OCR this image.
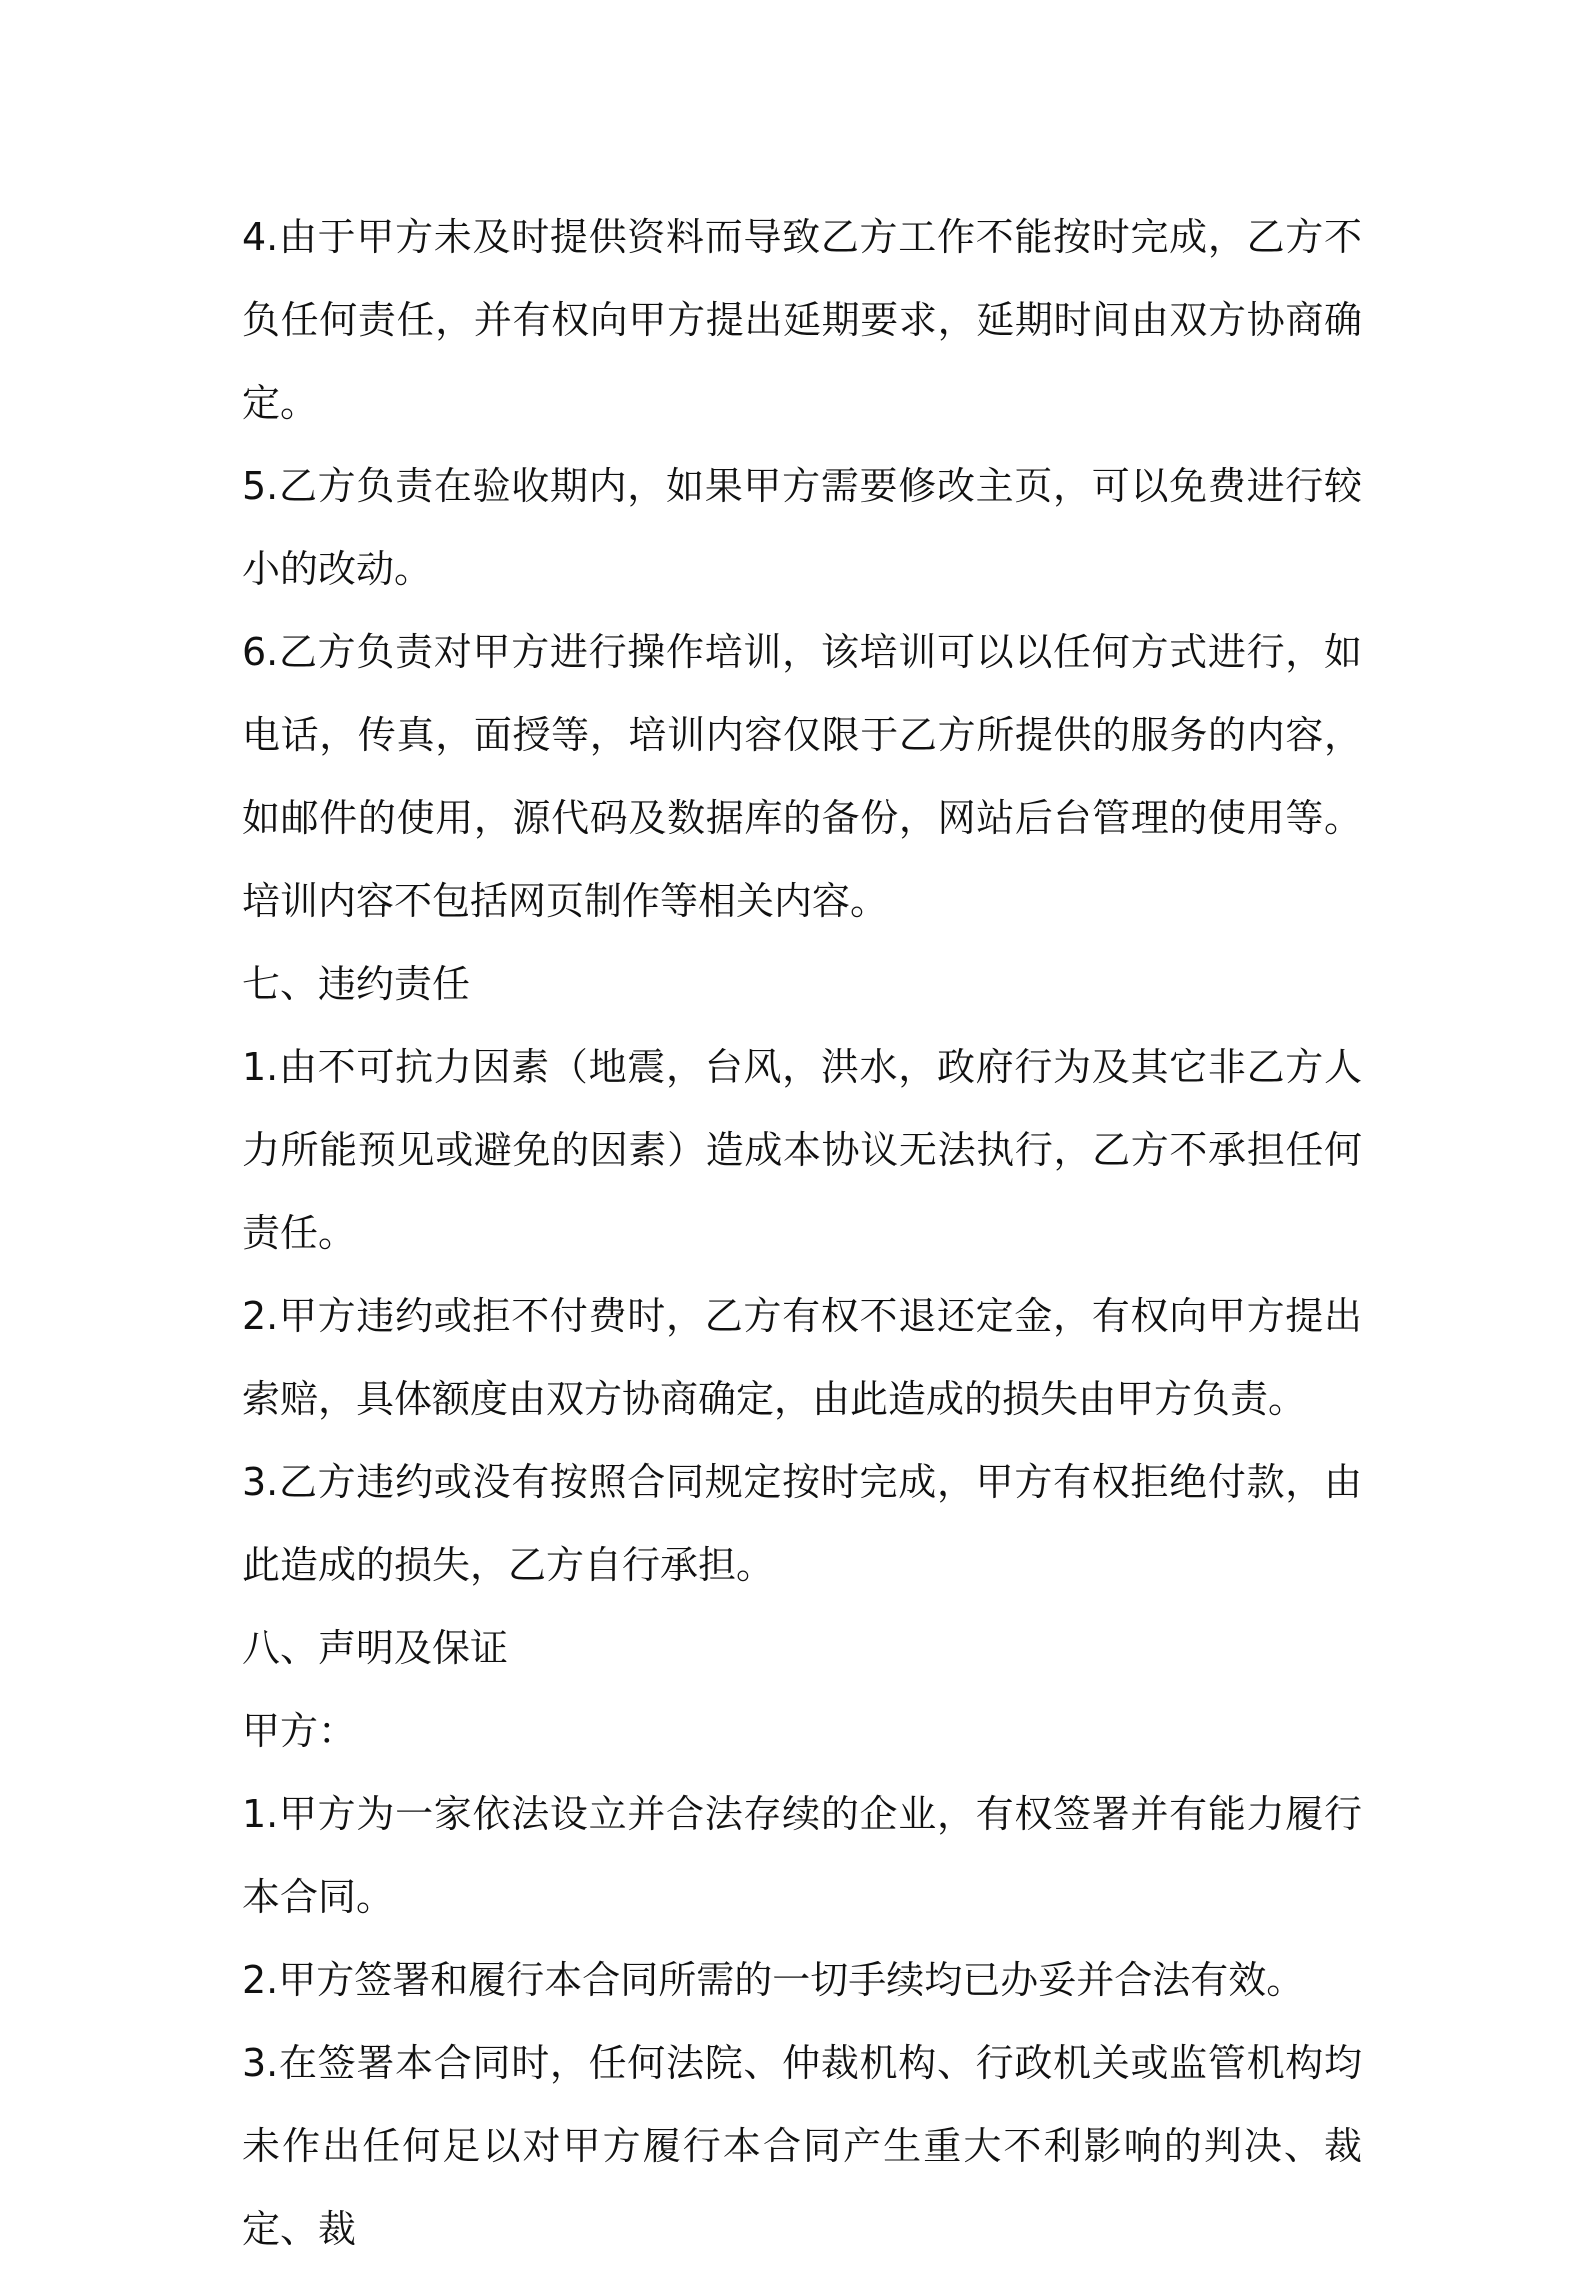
4.由于甲方未及时提供资料而导致乙方工作不能按时完成，乙方不负任何责任，并有权向甲方提出延期要求，延期时间由双方协商确定。

5.乙方负责在验收期内，如果甲方需要修改主页，可以免费进行较小的改动。

6.乙方负责对甲方进行操作培训，该培训可以以任何方式进行，如电话，传真，面授等，培训内容仅限于乙方所提供的服务的内容，如邮件的使用，源代码及数据库的备份，网站后台管理的使用等。培训内容不包括网页制作等相关内容。

七、违约责任

1.由不可抗力因素（地震，台风，洪水，政府行为及其它非乙方人力所能预见或避免的因素）造成本协议无法执行，乙方不承担任何责任。

2.甲方违约或拒不付费时，乙方有权不退还定金，有权向甲方提出索赔，具体额度由双方协商确定，由此造成的损失由甲方负责。

3.乙方违约或没有按照合同规定按时完成，甲方有权拒绝付款，由此造成的损失，乙方自行承担。

八、声明及保证

甲方：

1.甲方为一家依法设立并合法存续的企业，有权签署并有能力履行本合同。

2.甲方签署和履行本合同所需的一切手续均已办妥并合法有效。

3.在签署本合同时，任何法院、仲裁机构、行政机关或监管机构均未作出任何足以对甲方履行本合同产生重大不利影响的判决、裁定、裁
